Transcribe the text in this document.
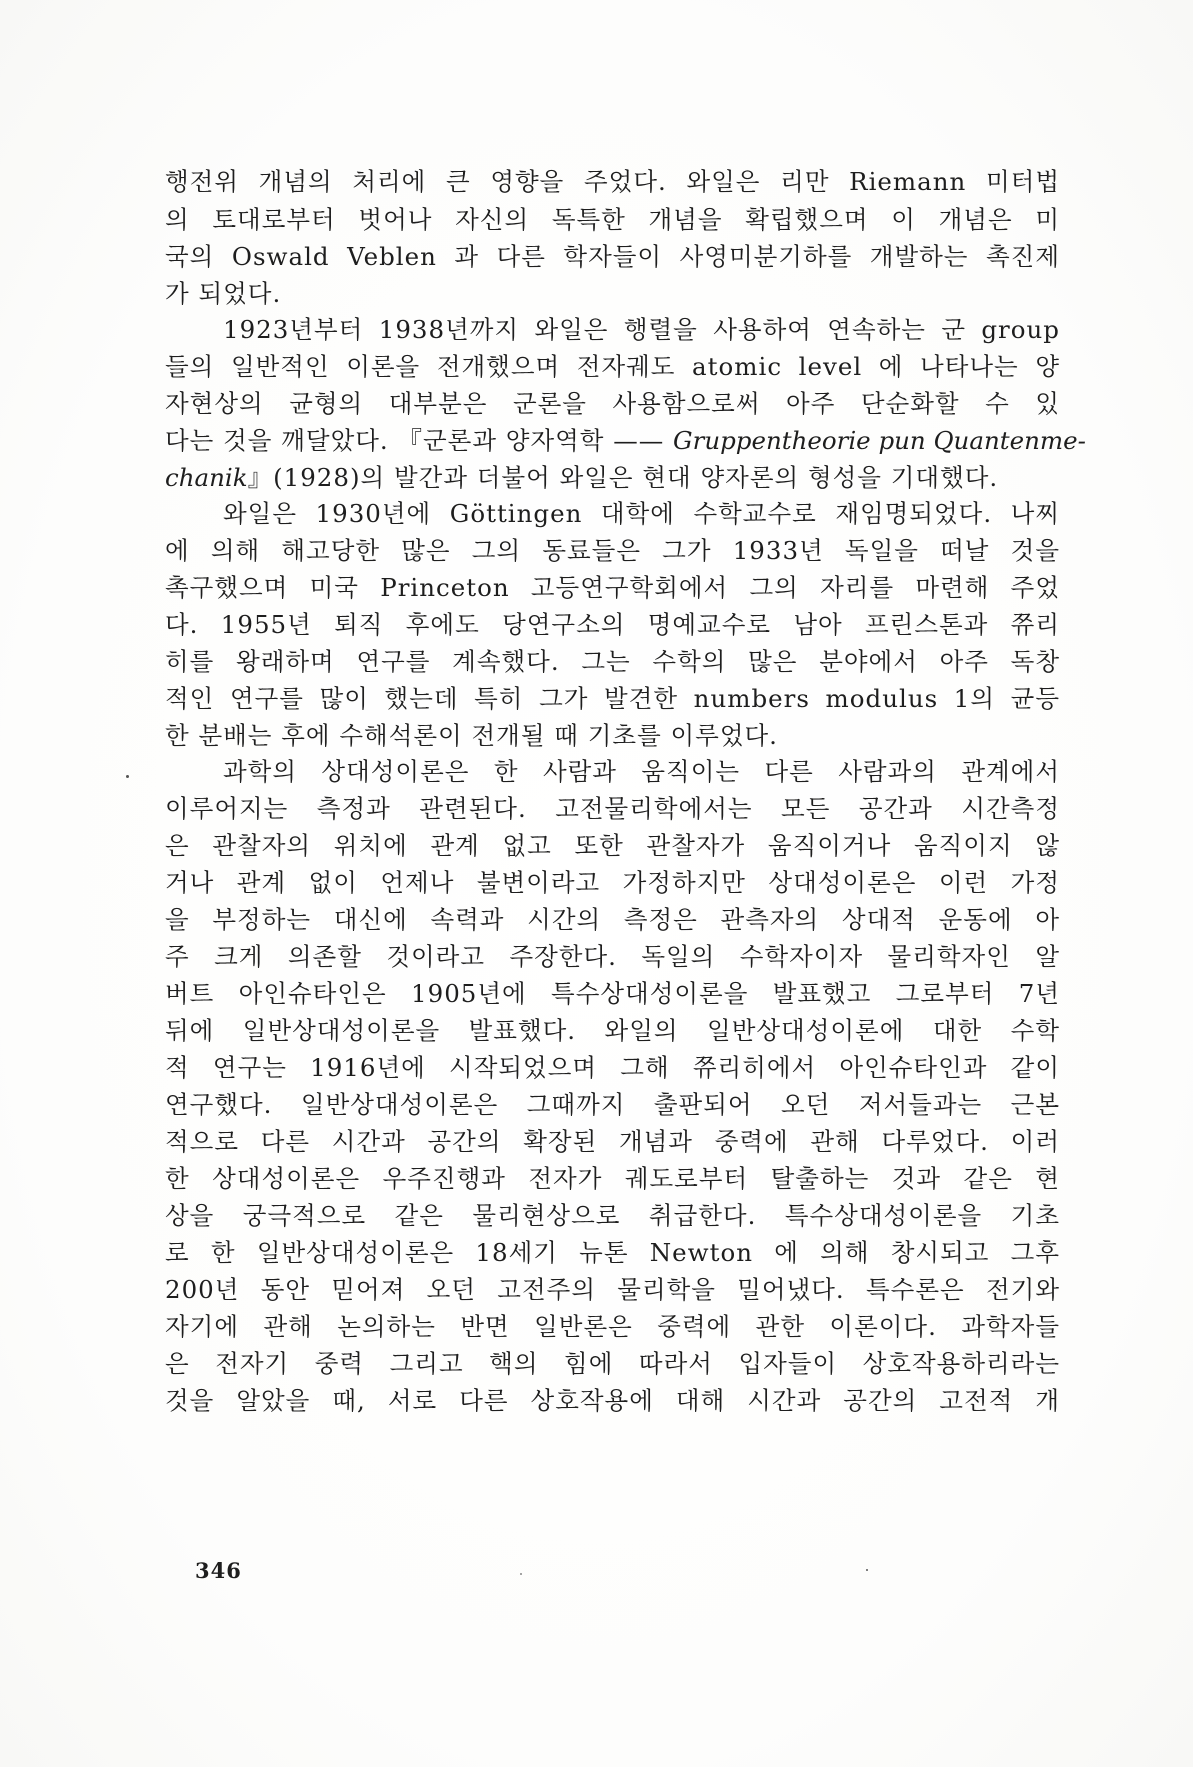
행전위 개념의 처리에 큰 영향을 주었다. 와일은 리만 Riemann 미터법
의 토대로부터 벗어나 자신의 독특한 개념을 확립했으며 이 개념은 미
국의 Oswald Veblen 과 다른 학자들이 사영미분기하를 개발하는 촉진제
가 되었다.
1923년부터 1938년까지 와일은 행렬을 사용하여 연속하는 군 group
들의 일반적인 이론을 전개했으며 전자궤도 atomic level 에 나타나는 양
자현상의 균형의 대부분은 군론을 사용함으로써 아주 단순화할 수 있
다는 것을 깨달았다. 『군론과 양자역학 —— Gruppentheorie pun Quantenme-
chanik』(1928)의 발간과 더불어 와일은 현대 양자론의 형성을 기대했다.
와일은 1930년에 Göttingen 대학에 수학교수로 재임명되었다. 나찌
에 의해 해고당한 많은 그의 동료들은 그가 1933년 독일을 떠날 것을
촉구했으며 미국 Princeton 고등연구학회에서 그의 자리를 마련해 주었
다. 1955년 퇴직 후에도 당연구소의 명예교수로 남아 프린스톤과 쮸리
히를 왕래하며 연구를 계속했다. 그는 수학의 많은 분야에서 아주 독창
적인 연구를 많이 했는데 특히 그가 발견한 numbers modulus 1의 균등
한 분배는 후에 수해석론이 전개될 때 기초를 이루었다.
과학의 상대성이론은 한 사람과 움직이는 다른 사람과의 관계에서
이루어지는 측정과 관련된다. 고전물리학에서는 모든 공간과 시간측정
은 관찰자의 위치에 관계 없고 또한 관찰자가 움직이거나 움직이지 않
거나 관계 없이 언제나 불변이라고 가정하지만 상대성이론은 이런 가정
을 부정하는 대신에 속력과 시간의 측정은 관측자의 상대적 운동에 아
주 크게 의존할 것이라고 주장한다. 독일의 수학자이자 물리학자인 알
버트 아인슈타인은 1905년에 특수상대성이론을 발표했고 그로부터 7년
뒤에 일반상대성이론을 발표했다. 와일의 일반상대성이론에 대한 수학
적 연구는 1916년에 시작되었으며 그해 쮸리히에서 아인슈타인과 같이
연구했다. 일반상대성이론은 그때까지 출판되어 오던 저서들과는 근본
적으로 다른 시간과 공간의 확장된 개념과 중력에 관해 다루었다. 이러
한 상대성이론은 우주진행과 전자가 궤도로부터 탈출하는 것과 같은 현
상을 궁극적으로 같은 물리현상으로 취급한다. 특수상대성이론을 기초
로 한 일반상대성이론은 18세기 뉴톤 Newton 에 의해 창시되고 그후
200년 동안 믿어져 오던 고전주의 물리학을 밀어냈다. 특수론은 전기와
자기에 관해 논의하는 반면 일반론은 중력에 관한 이론이다. 과학자들
은 전자기 중력 그리고 핵의 힘에 따라서 입자들이 상호작용하리라는
것을 알았을 때, 서로 다른 상호작용에 대해 시간과 공간의 고전적 개
346
